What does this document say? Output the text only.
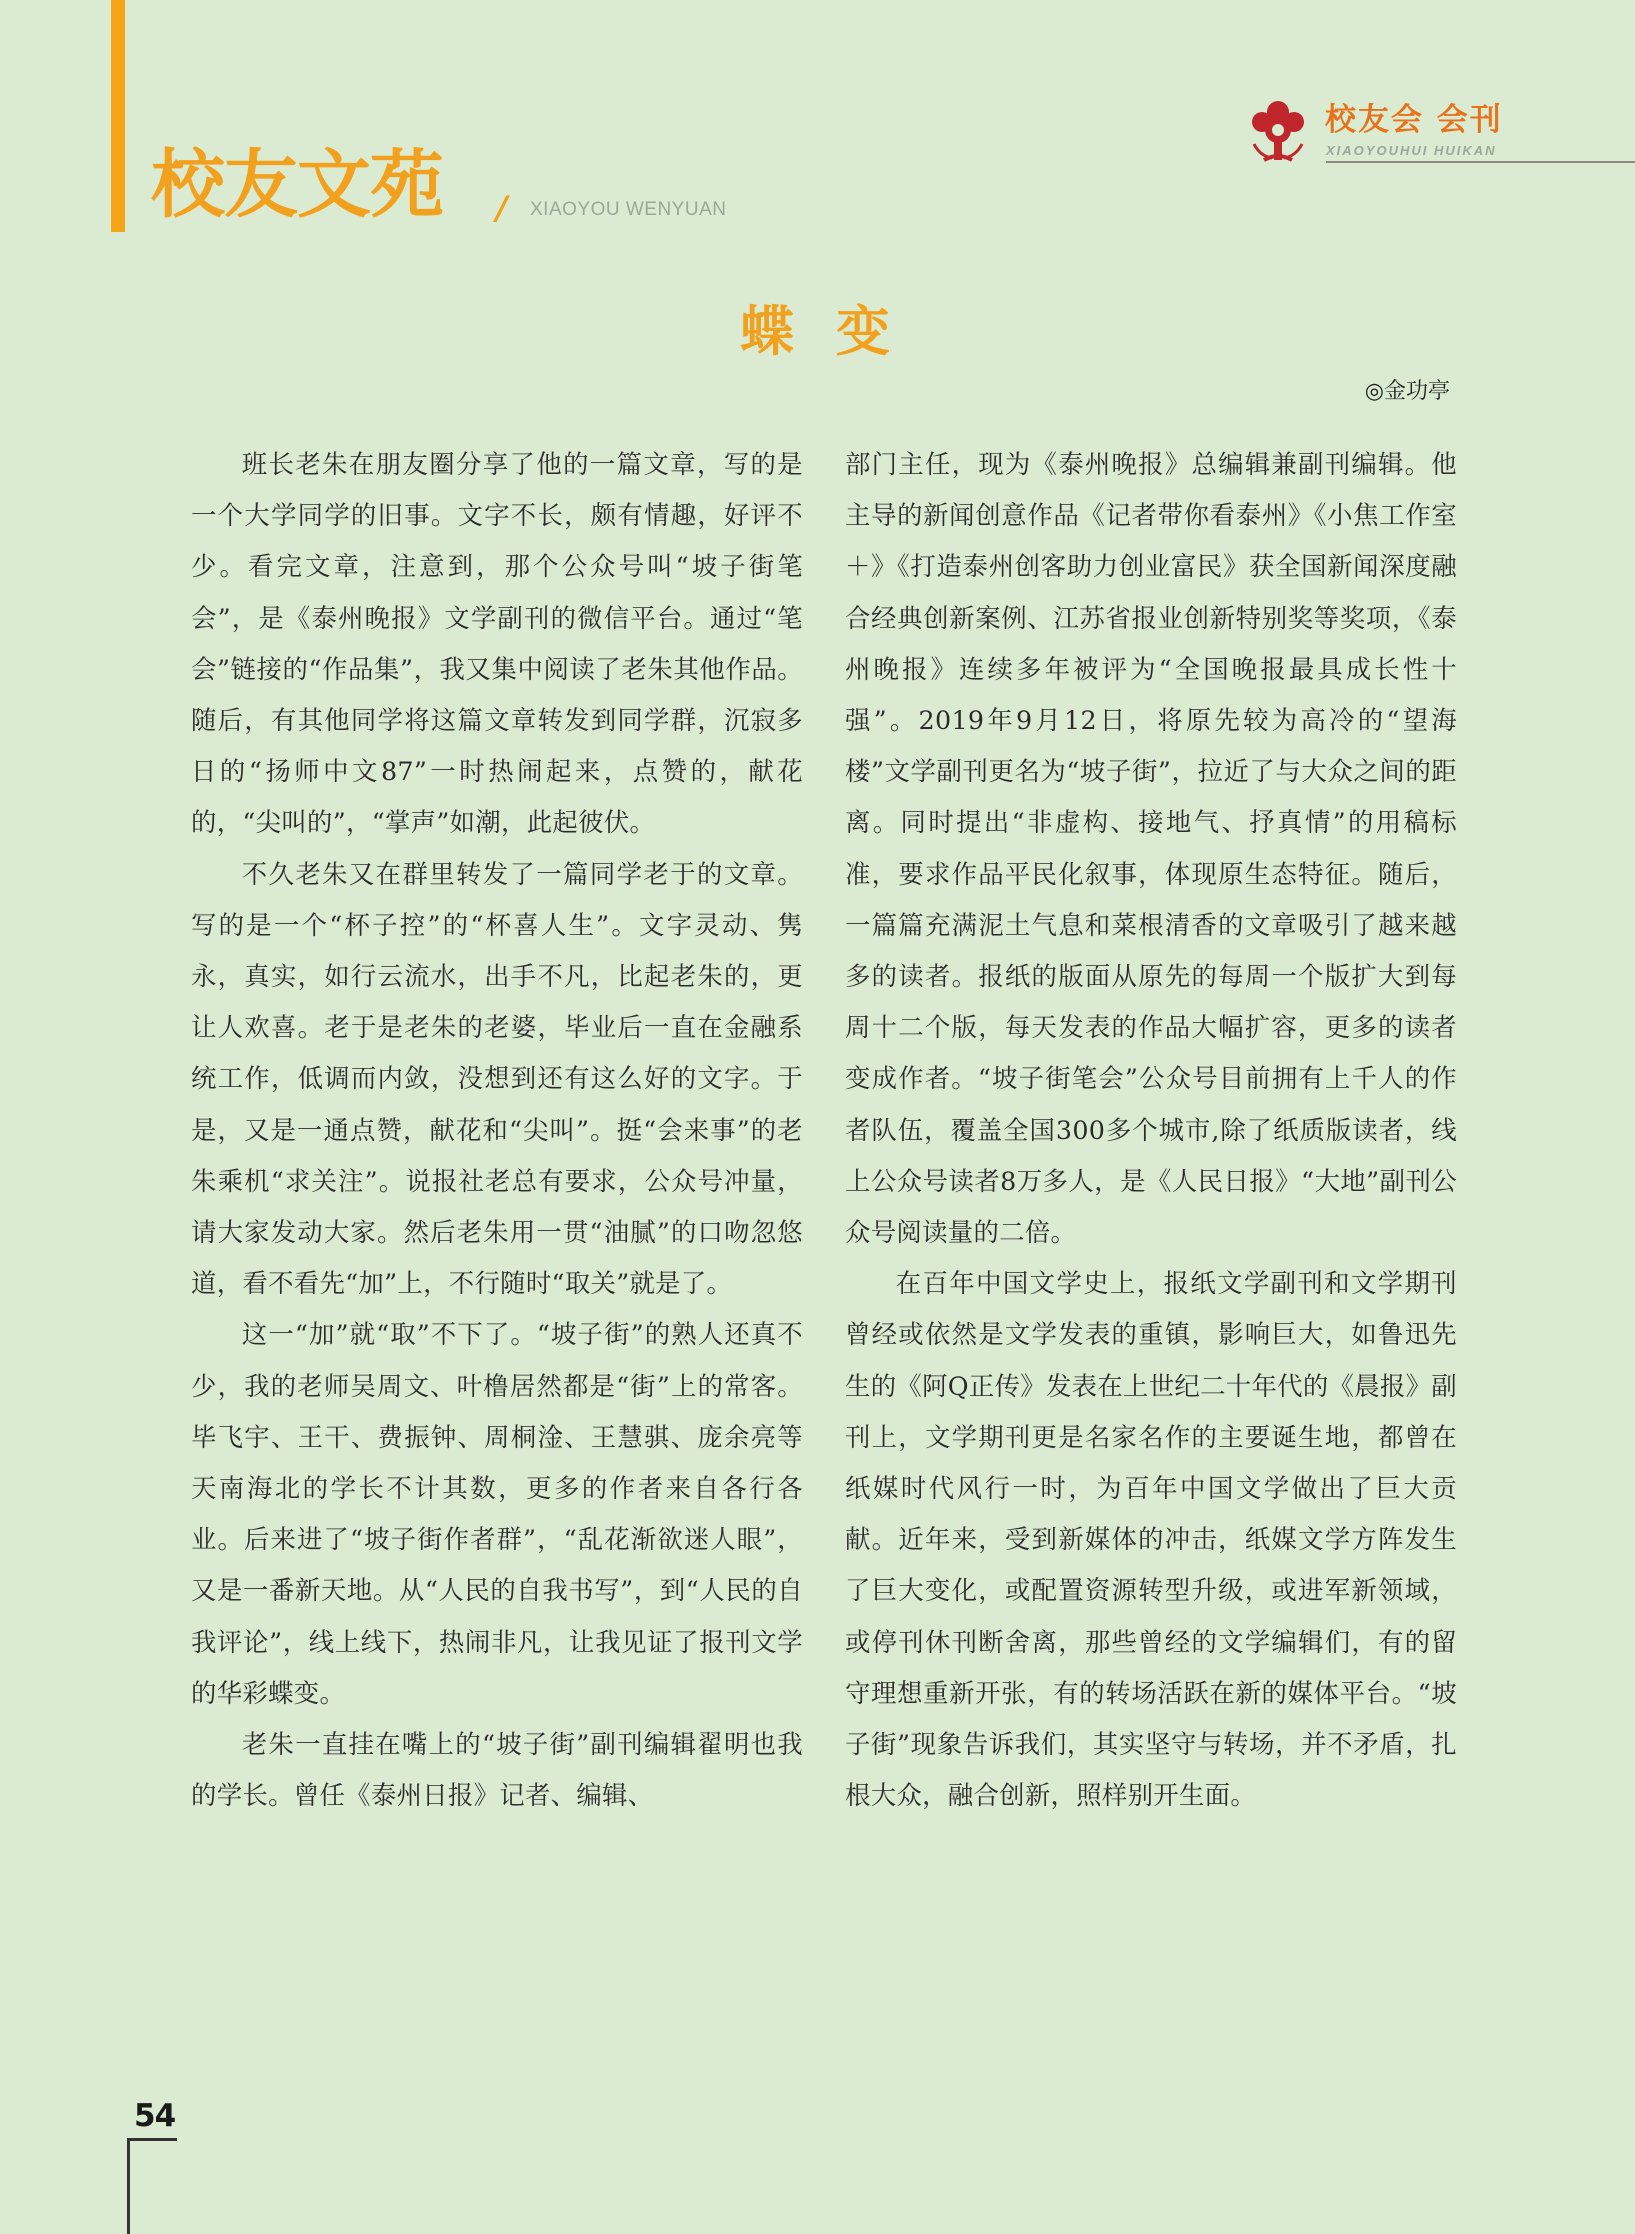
校友文苑 / XIAOYOU WENYUAN
校友会 会刊
XIAOYOUHUI HUIKAN
蝶变
◎金功亭

班长老朱在朋友圈分享了他的一篇文章，写的是一个大学同学的旧事。文字不长，颇有情趣，好评不少。看完文章，注意到，那个公众号叫“坡子街笔会”，是《泰州晚报》文学副刊的微信平台。通过“笔会”链接的“作品集”，我又集中阅读了老朱其他作品。随后，有其他同学将这篇文章转发到同学群，沉寂多日的“扬师中文87”一时热闹起来，点赞的，献花的，“尖叫的”，“掌声”如潮，此起彼伏。

不久老朱又在群里转发了一篇同学老于的文章。写的是一个“杯子控”的“杯喜人生”。文字灵动、隽永，真实，如行云流水，出手不凡，比起老朱的，更让人欢喜。老于是老朱的老婆，毕业后一直在金融系统工作，低调而内敛，没想到还有这么好的文字。于是，又是一通点赞，献花和“尖叫”。挺“会来事”的老朱乘机“求关注”。说报社老总有要求，公众号冲量，请大家发动大家。然后老朱用一贯“油腻”的口吻忽悠道，看不看先“加”上，不行随时“取关”就是了。

这一“加”就“取”不下了。“坡子街”的熟人还真不少，我的老师吴周文、叶橹居然都是“街”上的常客。毕飞宇、王干、费振钟、周桐淦、王慧骐、庞余亮等天南海北的学长不计其数，更多的作者来自各行各业。后来进了“坡子街作者群”，“乱花渐欲迷人眼”，又是一番新天地。从“人民的自我书写”，到“人民的自我评论”，线上线下，热闹非凡，让我见证了报刊文学的华彩蝶变。

老朱一直挂在嘴上的“坡子街”副刊编辑翟明也我的学长。曾任《泰州日报》记者、编辑、

部门主任，现为《泰州晚报》总编辑兼副刊编辑。他主导的新闻创意作品《记者带你看泰州》《小焦工作室＋》《打造泰州创客助力创业富民》获全国新闻深度融合经典创新案例、江苏省报业创新特别奖等奖项，《泰州晚报》连续多年被评为“全国晚报最具成长性十强”。2019年9月12日，将原先较为高冷的“望海楼”文学副刊更名为“坡子街”，拉近了与大众之间的距离。同时提出“非虚构、接地气、抒真情”的用稿标准，要求作品平民化叙事，体现原生态特征。随后，一篇篇充满泥土气息和菜根清香的文章吸引了越来越多的读者。报纸的版面从原先的每周一个版扩大到每周十二个版，每天发表的作品大幅扩容，更多的读者变成作者。“坡子街笔会”公众号目前拥有上千人的作者队伍，覆盖全国300多个城市,除了纸质版读者，线上公众号读者8万多人，是《人民日报》“大地”副刊公众号阅读量的二倍。

在百年中国文学史上，报纸文学副刊和文学期刊曾经或依然是文学发表的重镇，影响巨大，如鲁迅先生的《阿Q正传》发表在上世纪二十年代的《晨报》副刊上，文学期刊更是名家名作的主要诞生地，都曾在纸媒时代风行一时，为百年中国文学做出了巨大贡献。近年来，受到新媒体的冲击，纸媒文学方阵发生了巨大变化，或配置资源转型升级，或进军新领域，或停刊休刊断舍离，那些曾经的文学编辑们，有的留守理想重新开张，有的转场活跃在新的媒体平台。“坡子街”现象告诉我们，其实坚守与转场，并不矛盾，扎根大众，融合创新，照样别开生面。

54
